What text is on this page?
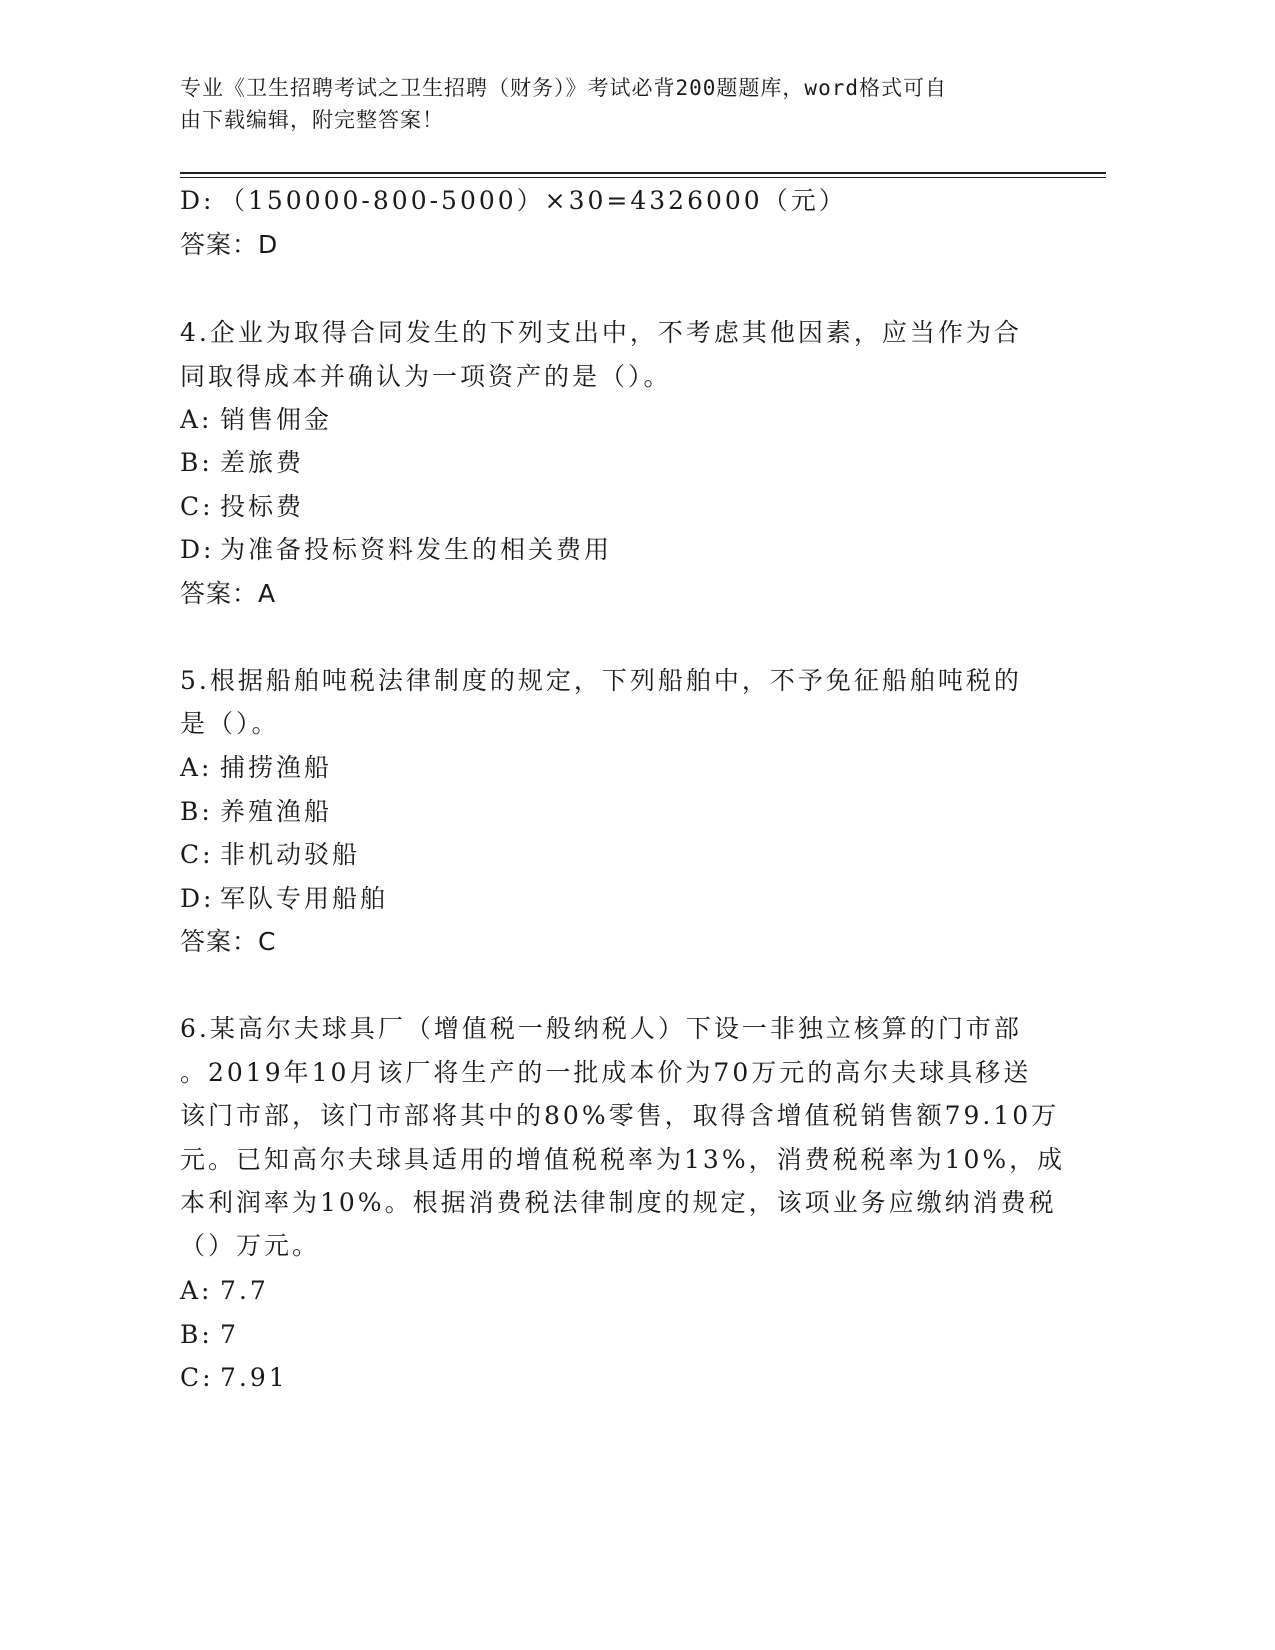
专业《卫生招聘考试之卫生招聘（财务）》考试必背200题题库，word格式可自
由下载编辑，附完整答案！
D: （150000-800-5000）×30=4326000（元）
答案：D
4.企业为取得合同发生的下列支出中，不考虑其他因素，应当作为合
同取得成本并确认为一项资产的是（）。
A: 销售佣金
B: 差旅费
C: 投标费
D: 为准备投标资料发生的相关费用
答案：A
5.根据船舶吨税法律制度的规定，下列船舶中，不予免征船舶吨税的
是（）。
A: 捕捞渔船
B: 养殖渔船
C: 非机动驳船
D: 军队专用船舶
答案：C
6.某高尔夫球具厂（增值税一般纳税人）下设一非独立核算的门市部
。2019年10月该厂将生产的一批成本价为70万元的高尔夫球具移送
该门市部，该门市部将其中的80%零售，取得含增值税销售额79.10万
元。已知高尔夫球具适用的增值税税率为13%，消费税税率为10%，成
本利润率为10%。根据消费税法律制度的规定，该项业务应缴纳消费税
（）万元。
A: 7.7
B: 7
C: 7.91
